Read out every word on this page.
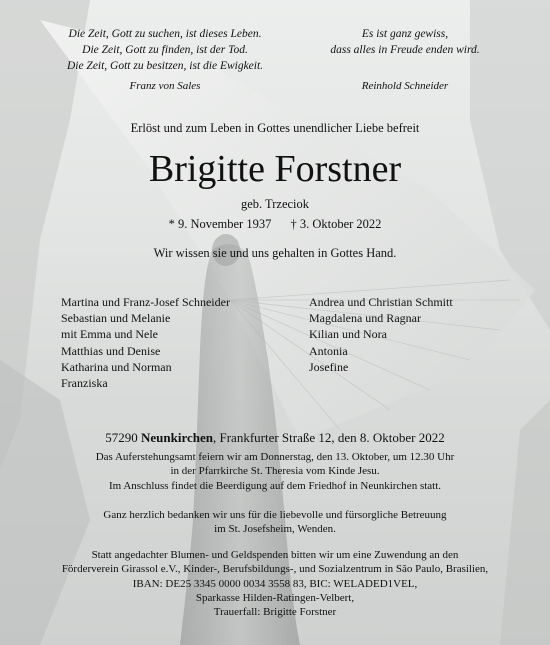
Die Zeit, Gott zu suchen, ist dieses Leben.
Die Zeit, Gott zu finden, ist der Tod.
Die Zeit, Gott zu besitzen, ist die Ewigkeit.
Franz von Sales
Es ist ganz gewiss,
dass alles in Freude enden wird.
Reinhold Schneider
Erlöst und zum Leben in Gottes unendlicher Liebe befreit
Brigitte Forstner
geb. Trzeciok
* 9. November 1937 † 3. Oktober 2022
Wir wissen sie und uns gehalten in Gottes Hand.
Martina und Franz-Josef Schneider
Sebastian und Melanie
mit Emma und Nele
Matthias und Denise
Katharina und Norman
Franziska
Andrea und Christian Schmitt
Magdalena und Ragnar
Kilian und Nora
Antonia
Josefine
57290 Neunkirchen, Frankfurter Straße 12, den 8. Oktober 2022
Das Auferstehungsamt feiern wir am Donnerstag, den 13. Oktober, um 12.30 Uhr
in der Pfarrkirche St. Theresia vom Kinde Jesu.
Im Anschluss findet die Beerdigung auf dem Friedhof in Neunkirchen statt.
Ganz herzlich bedanken wir uns für die liebevolle und fürsorgliche Betreuung
im St. Josefsheim, Wenden.
Statt angedachter Blumen- und Geldspenden bitten wir um eine Zuwendung an den
Förderverein Girassol e.V., Kinder-, Berufsbildungs-, und Sozialzentrum in São Paulo, Brasilien,
IBAN: DE25 3345 0000 0034 3558 83, BIC: WELADED1VEL,
Sparkasse Hilden-Ratingen-Velbert,
Trauerfall: Brigitte Forstner
